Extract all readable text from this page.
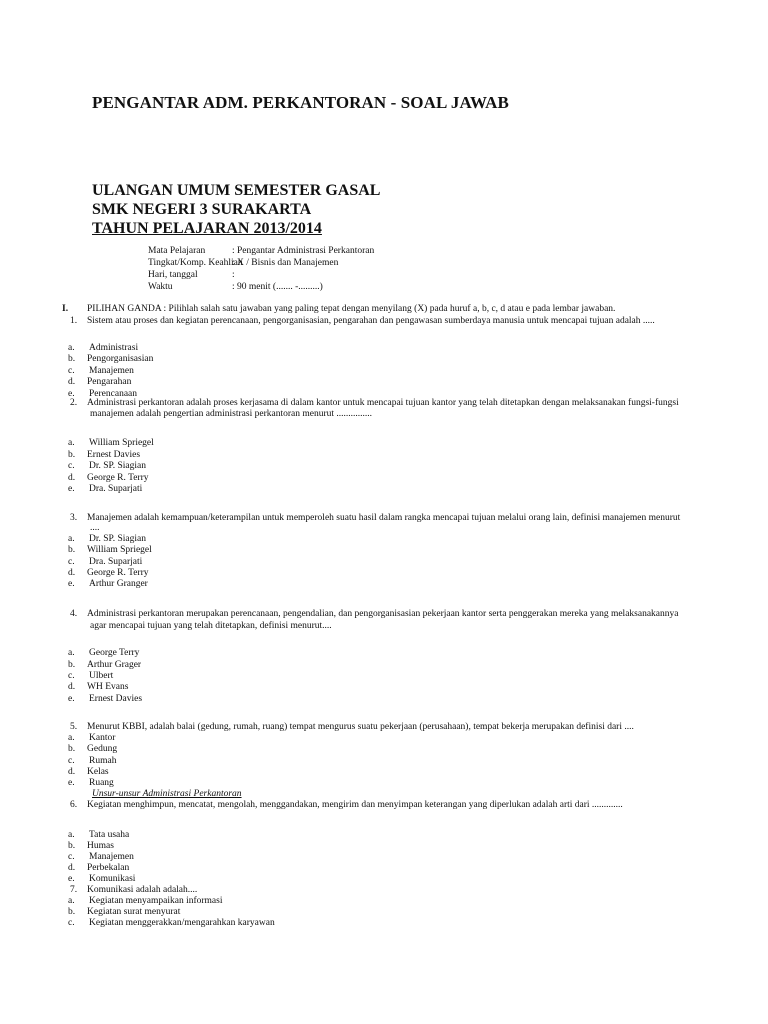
PENGANTAR ADM. PERKANTORAN - SOAL JAWAB
ULANGAN UMUM SEMESTER GASAL
SMK NEGERI 3 SURAKARTA
TAHUN PELAJARAN 2013/2014
Mata Pelajaran	: Pengantar Administrasi Perkantoran
Tingkat/Komp. Keahlian: X / Bisnis dan Manajemen
Hari, tanggal	:
Waktu	: 90 menit (....... -.........)
I. PILIHAN GANDA : Pilihlah salah satu jawaban yang paling tepat dengan menyilang (X) pada huruf a, b, c, d atau e pada lembar jawaban.
1. Sistem atau proses dan kegiatan perencanaan, pengorganisasian, pengarahan dan pengawasan sumberdaya manusia untuk mencapai tujuan adalah .....
a. Administrasi
b. Pengorganisasian
c. Manajemen
d. Pengarahan
e. Perencanaan
2. Administrasi perkantoran adalah proses kerjasama di dalam kantor untuk mencapai tujuan kantor yang telah ditetapkan dengan melaksanakan fungsi-fungsi
manajemen adalah pengertian administrasi perkantoran menurut ...............
a. William Spriegel
b. Ernest Davies
c. Dr. SP. Siagian
d. George R. Terry
e. Dra. Suparjati
3. Manajemen adalah kemampuan/keterampilan untuk memperoleh suatu hasil dalam rangka mencapai tujuan melalui orang lain, definisi manajemen menurut
....
a. Dr. SP. Siagian
b. William Spriegel
c. Dra. Suparjati
d. George R. Terry
e. Arthur Granger
4. Administrasi perkantoran merupakan perencanaan, pengendalian, dan pengorganisasian pekerjaan kantor serta penggerakan mereka yang melaksanakannya
agar mencapai tujuan yang telah ditetapkan, definisi menurut....
a. George Terry
b. Arthur Grager
c. Ulbert
d. WH Evans
e. Ernest Davies
5. Menurut KBBI, adalah balai (gedung, rumah, ruang) tempat mengurus suatu pekerjaan (perusahaan), tempat bekerja merupakan definisi dari ....
a. Kantor
b. Gedung
c. Rumah
d. Kelas
e. Ruang
Unsur-unsur Administrasi Perkantoran
6. Kegiatan menghimpun, mencatat, mengolah, menggandakan, mengirim dan menyimpan keterangan yang diperlukan adalah arti dari .............
a. Tata usaha
b. Humas
c. Manajemen
d. Perbekalan
e. Komunikasi
7. Komunikasi adalah adalah....
a. Kegiatan menyampaikan informasi
b. Kegiatan surat menyurat
c. Kegiatan menggerakkan/mengarahkan karyawan
